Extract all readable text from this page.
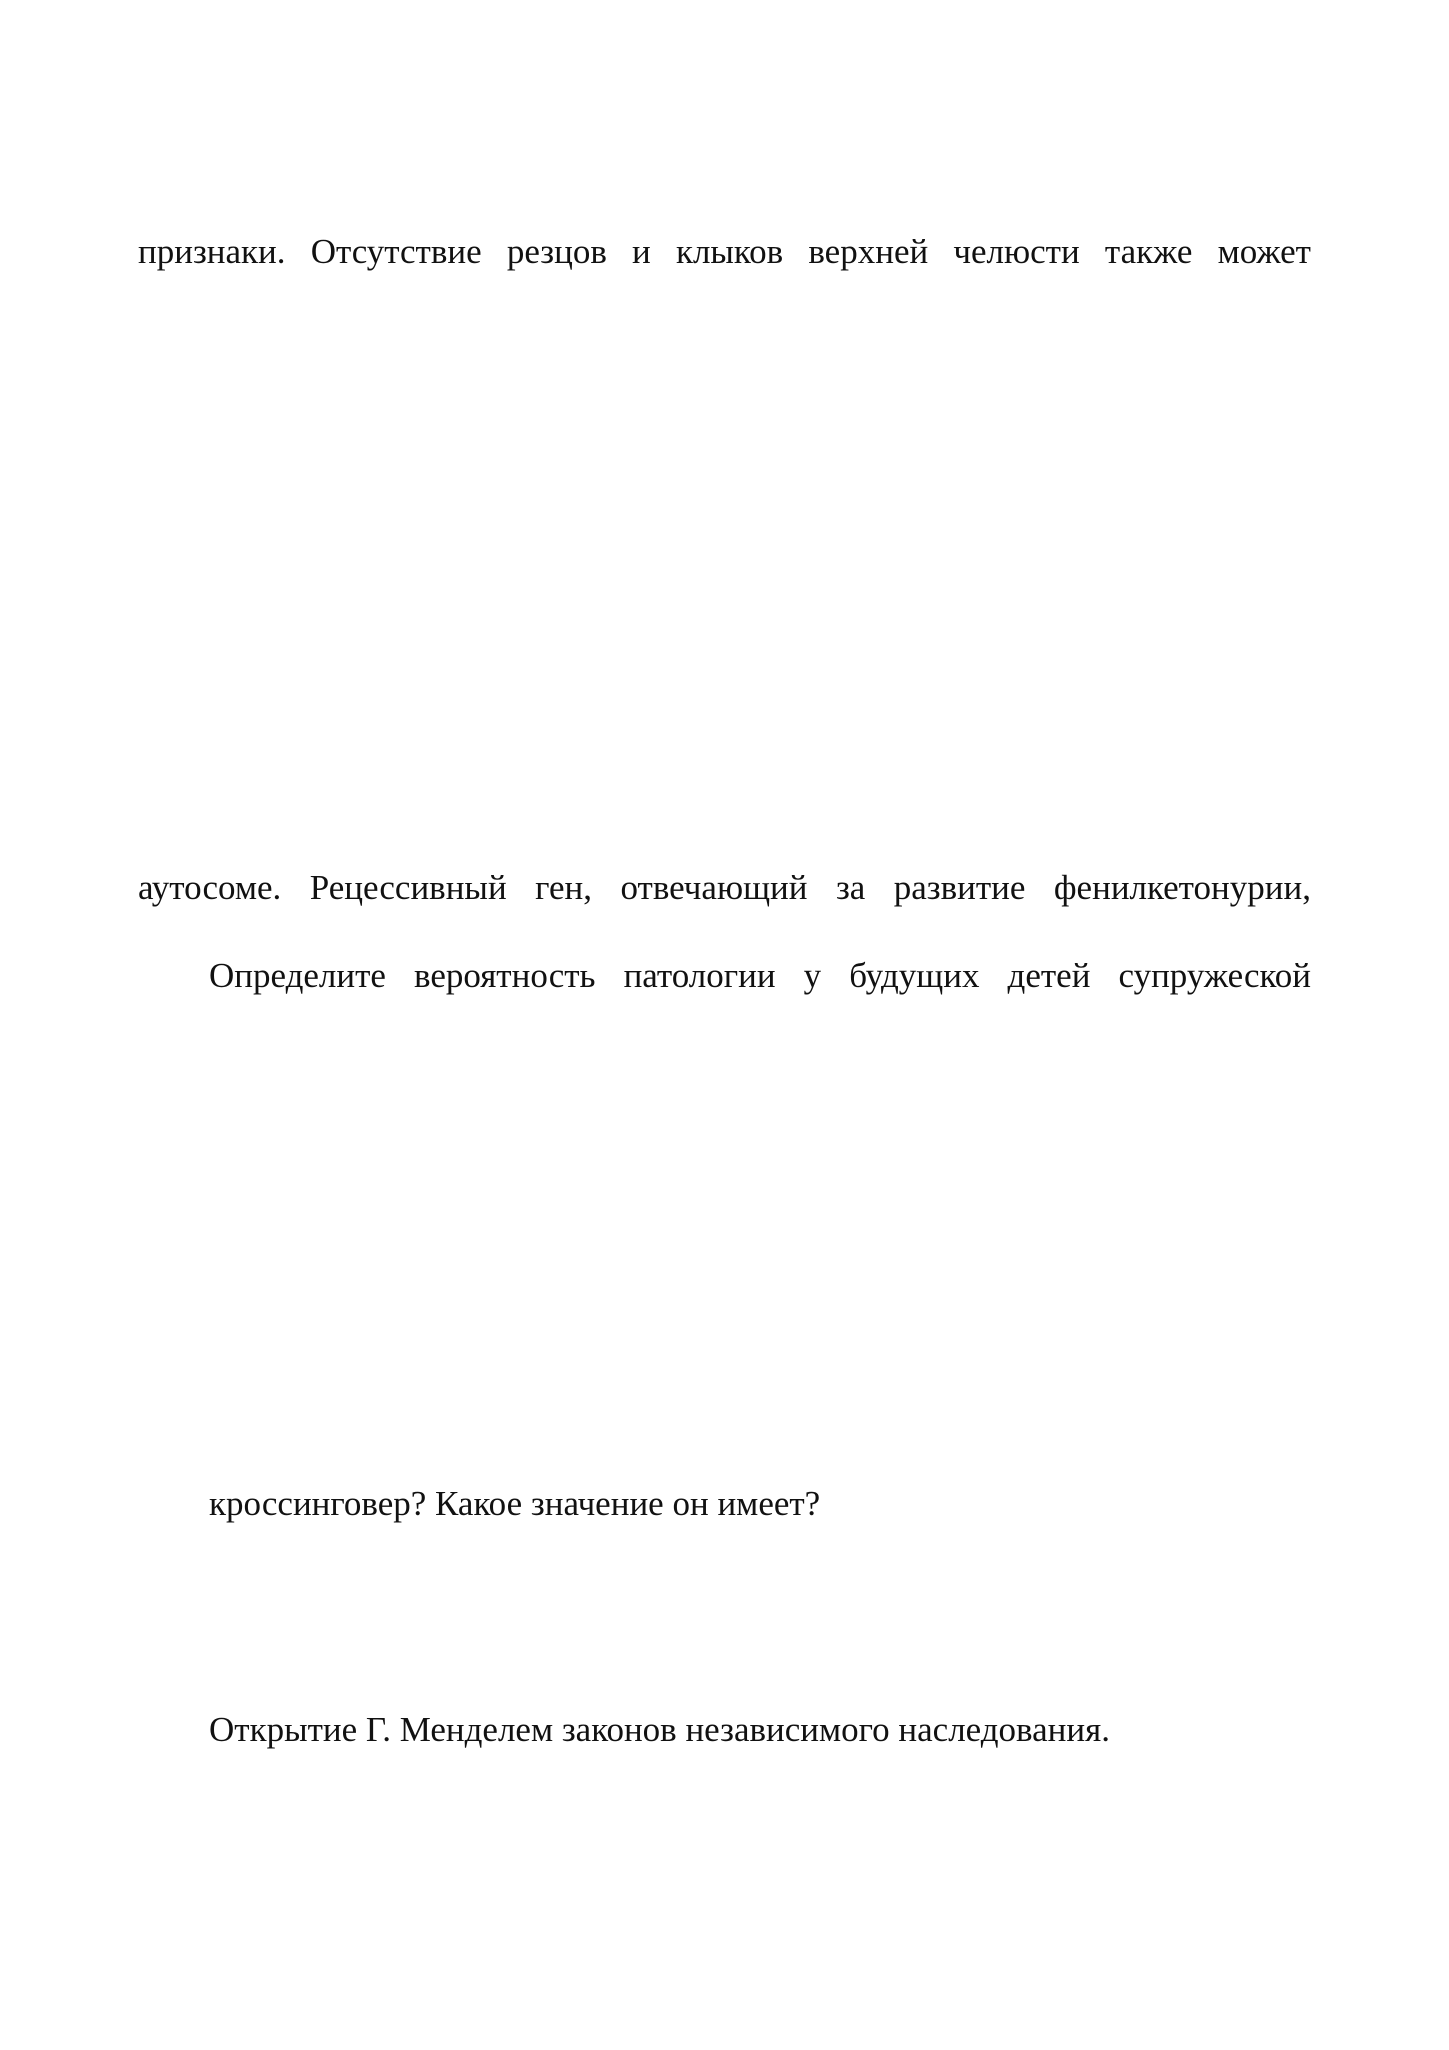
признаки. Отсутствие резцов и клыков верхней челюсти также может

аутосоме. Рецессивный ген, отвечающий за развитие фенилкетонурии,

Определите вероятность патологии у будущих детей супружеской

кроссинговер? Какое значение он имеет?

Открытие Г. Менделем законов независимого наследования.
